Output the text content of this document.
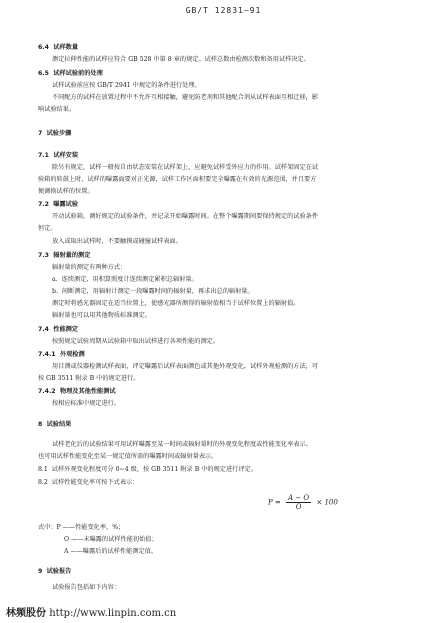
GB/T 12831—91
6.4 试样数量
测定拉伸性能的试样应符合 GB 528 中第 8 章的规定。试样总数由检测次数和备用试样决定。
6.5 试样试验前的处理
试样试验前应按 GB/T 2941 中规定的条件进行处理。
不同配方的试样在放置过程中不允许互相接触，避免防老剂和其他配合剂从试样表面互相迁移，影
响试验结果。
7 试验步骤
7.1 试样安装
除另有规定，试样一般按自由状态安装在试样架上，应避免试样受外应力的作用。试样架固定在试
验箱的转鼓上时，试样的曝露面要对正光源，试样工作区面积要完全曝露在有效的光源范围，并且要方
便调换试样的位置。
7.2 曝露试验
开动试验箱，调好规定的试验条件，并记录开始曝露时间。在整个曝露期间要保持规定的试验条件
恒定。
放入或取出试样时，不要触摸或碰撞试样表面。
7.3 辐射量的测定
辐射量的测定有两种方式：
a. 连续测定，用积算照度计连续测定累积总辐射量。
b. 间断测定，用辐射计测定一段曝露时间的辐射量，再求出总的辐射量。
测定时将感光器固定在适当位置上，使感光器所测得的辐射值相当于试样位置上的辐射值。
辐射量也可以用其他物质标准测定。
7.4 性能测定
按照规定试验周期从试验箱中取出试样进行各项性能的测定。
7.4.1 外观检测
用目测或仪器检测试样表面，评定曝露后试样表面颜色或其他外观变化。试样外观检测的方法，可
按 GB 3511 附录 B 中的规定进行。
7.4.2 物理及其他性能测试
按相应标准中规定进行。
8 试验结果
试样老化后的试验结果可用试样曝露至某一时间或辐射量时的外观变化程度或性能变化率表示。
也可用试样性能变化至某一规定值所需的曝露时间或辐射量表示。
8.1 试样外观变化程度可分 0~4 级，按 GB 3511 附录 B 中的规定进行评定。
8.2 试样性能变化率可按下式表示：
$P = \frac{A - O}{O} \times 100$
式中：P ——性能变化率，%；
O ——未曝露的试样性能初始值；
A ——曝露后的试样性能测定值。
9 试验报告
试验报告包括如下内容：
林频股份 http://www.linpin.com.cn
